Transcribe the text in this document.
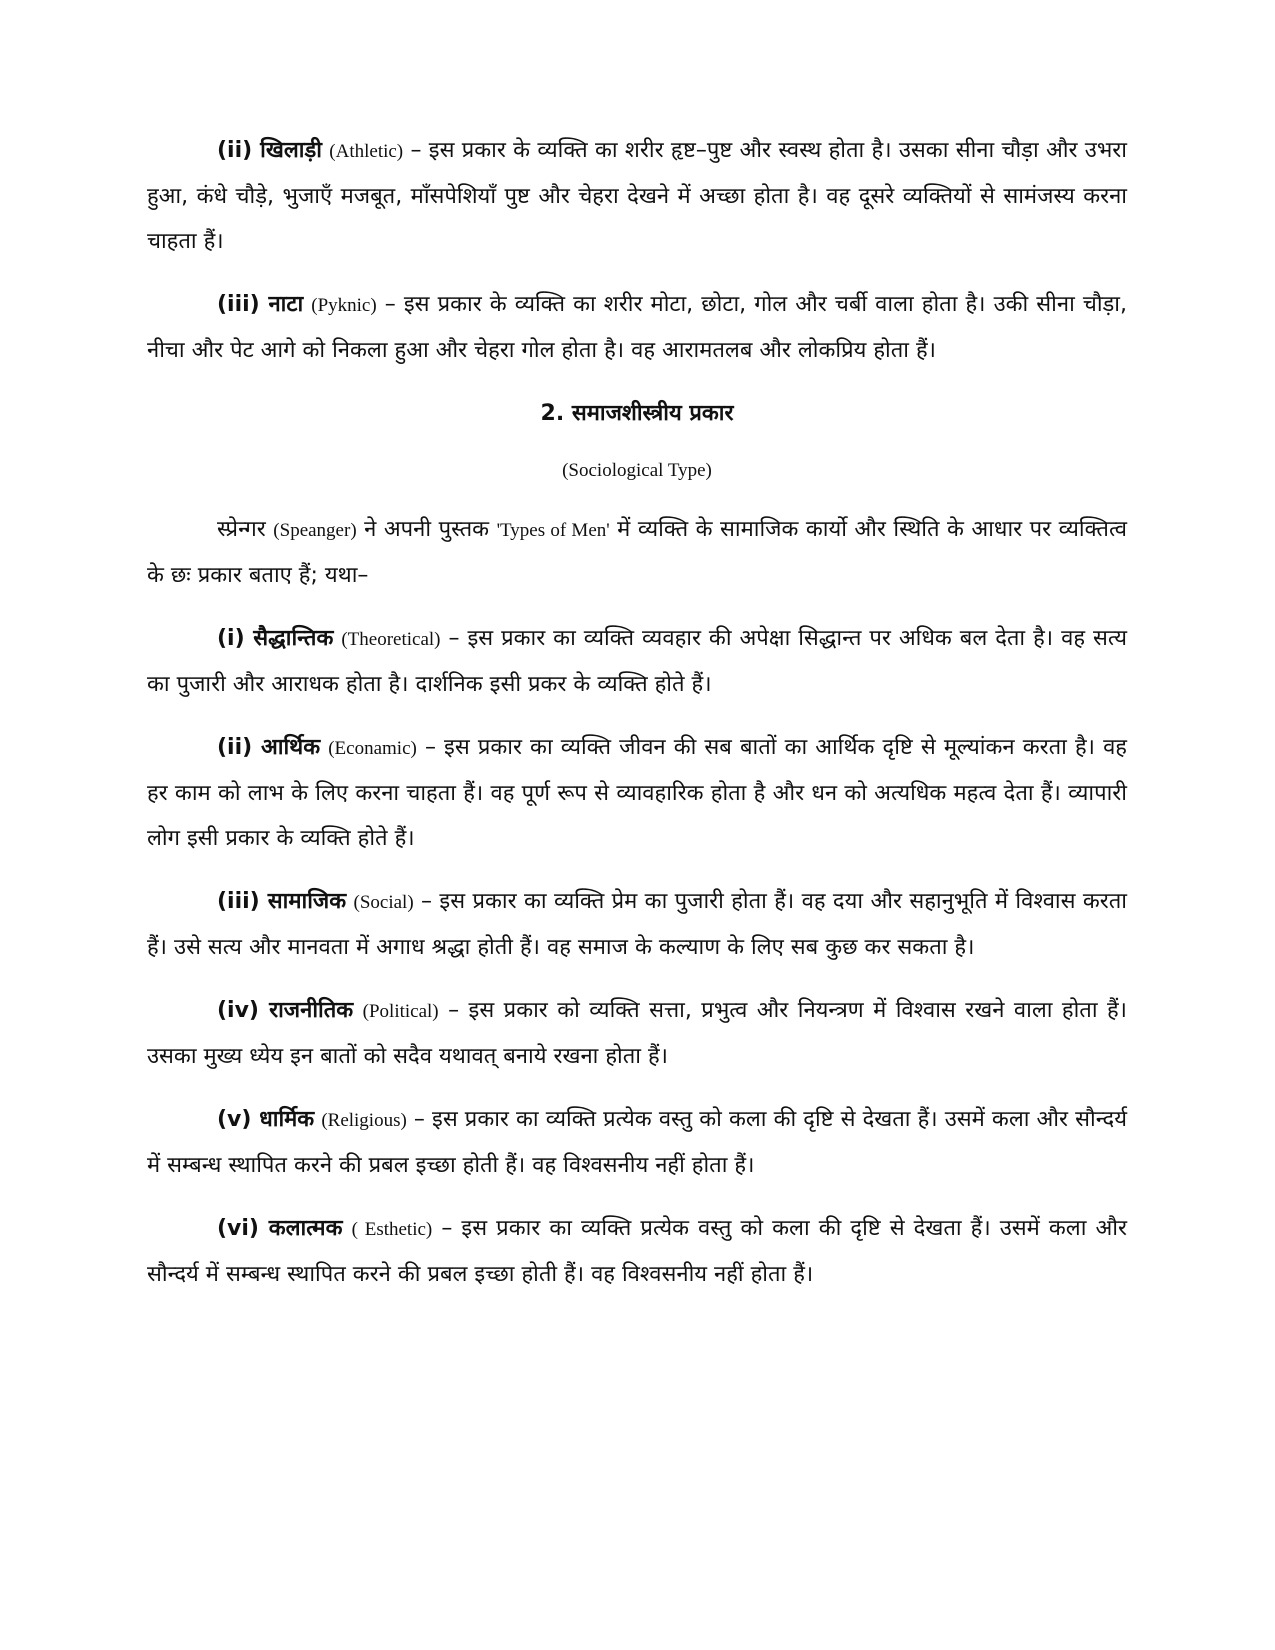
(ii) खिलाड़ी (Athletic) – इस प्रकार के व्यक्ति का शरीर हृष्ट–पुष्ट और स्वस्थ होता है। उसका सीना चौड़ा और उभरा हुआ, कंधे चौड़े, भुजाएँ मजबूत, माँसपेशियाँ पुष्ट और चेहरा देखने में अच्छा होता है। वह दूसरे व्यक्तियों से सामंजस्य करना चाहता हैं।

(iii) नाटा (Pyknic) – इस प्रकार के व्यक्ति का शरीर मोटा, छोटा, गोल और चर्बी वाला होता है। उकी सीना चौड़ा, नीचा और पेट आगे को निकला हुआ और चेहरा गोल होता है। वह आरामतलब और लोकप्रिय होता हैं।

2. समाजशीस्त्रीय प्रकार
(Sociological Type)

स्प्रेन्गर (Speanger) ने अपनी पुस्तक 'Types of Men' में व्यक्ति के सामाजिक कार्यो और स्थिति के आधार पर व्यक्तित्व के छः प्रकार बताए हैं; यथा–

(i) सैद्धान्तिक (Theoretical) – इस प्रकार का व्यक्ति व्यवहार की अपेक्षा सिद्धान्त पर अधिक बल देता है। वह सत्य का पुजारी और आराधक होता है। दार्शनिक इसी प्रकर के व्यक्ति होते हैं।

(ii) आर्थिक (Econamic) – इस प्रकार का व्यक्ति जीवन की सब बातों का आर्थिक दृष्टि से मूल्यांकन करता है। वह हर काम को लाभ के लिए करना चाहता हैं। वह पूर्ण रूप से व्यावहारिक होता है और धन को अत्यधिक महत्व देता हैं। व्यापारी लोग इसी प्रकार के व्यक्ति होते हैं।

(iii) सामाजिक (Social) – इस प्रकार का व्यक्ति प्रेम का पुजारी होता हैं। वह दया और सहानुभूति में विश्वास करता हैं। उसे सत्य और मानवता में अगाध श्रद्धा होती हैं। वह समाज के कल्याण के लिए सब कुछ कर सकता है।

(iv) राजनीतिक (Political) – इस प्रकार को व्यक्ति सत्ता, प्रभुत्व और नियन्त्रण में विश्वास रखने वाला होता हैं। उसका मुख्य ध्येय इन बातों को सदैव यथावत् बनाये रखना होता हैं।

(v) धार्मिक (Religious) – इस प्रकार का व्यक्ति प्रत्येक वस्तु को कला की दृष्टि से देखता हैं। उसमें कला और सौन्दर्य में सम्बन्ध स्थापित करने की प्रबल इच्छा होती हैं। वह विश्वसनीय नहीं होता हैं।

(vi) कलात्मक ( Esthetic) – इस प्रकार का व्यक्ति प्रत्येक वस्तु को कला की दृष्टि से देखता हैं। उसमें कला और सौन्दर्य में सम्बन्ध स्थापित करने की प्रबल इच्छा होती हैं। वह विश्वसनीय नहीं होता हैं।
